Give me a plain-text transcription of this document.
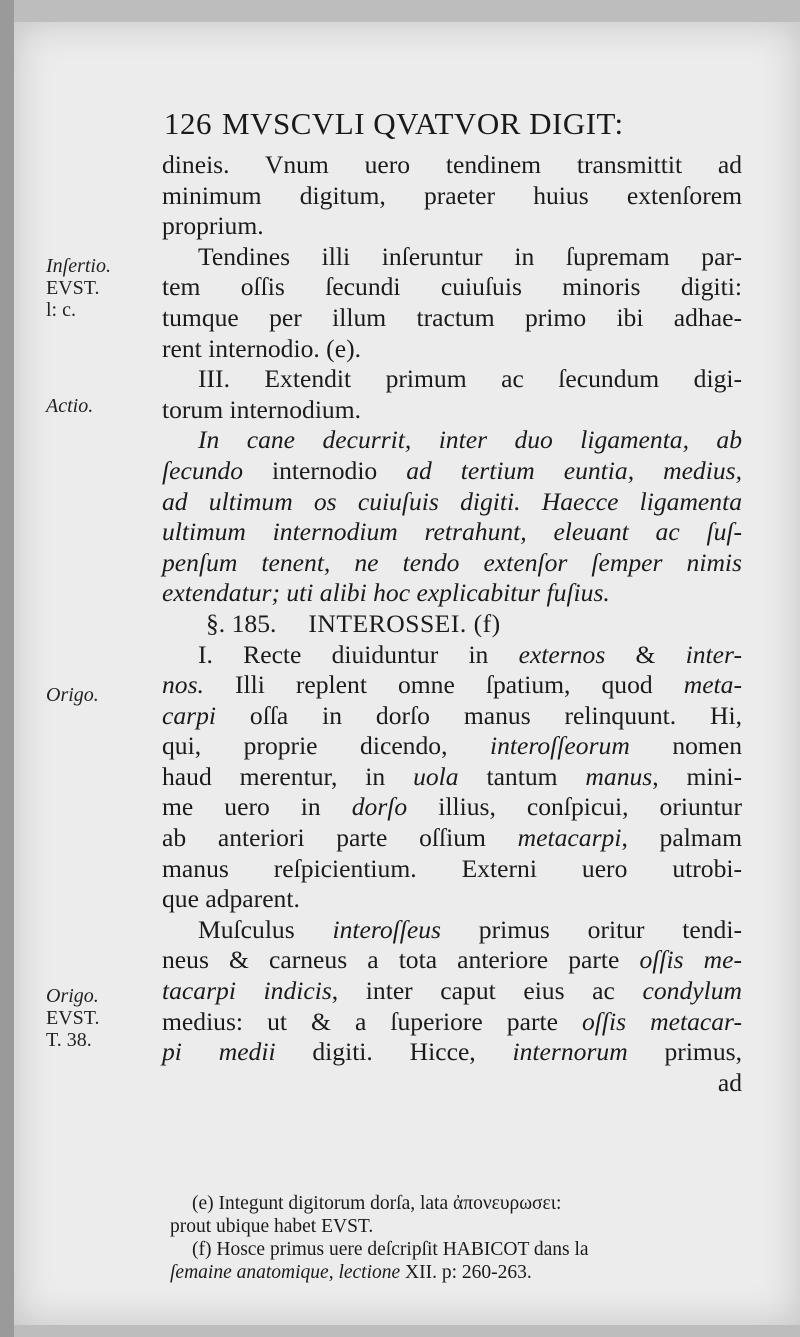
126 MVSCVLI QVATVOR DIGIT:
Inſertio.
EVST.
l: c.
Actio.
Origo.
Origo.
EVST.
T. 38.
dineis. Vnum uero tendinem transmittit ad
minimum digitum, praeter huius extenſorem
proprium.
Tendines illi inſeruntur in ſupremam par-
tem oſſis ſecundi cuiuſuis minoris digiti:
tumque per illum tractum primo ibi adhae-
rent internodio. (e).
III. Extendit primum ac ſecundum digi-
torum internodium.
In cane decurrit, inter duo ligamenta, ab
ſecundo internodio ad tertium euntia, medius,
ad ultimum os cuiuſuis digiti. Haecce ligamenta
ultimum internodium retrahunt, eleuant ac ſuſ-
penſum tenent, ne tendo extenſor ſemper nimis
extendatur; uti alibi hoc explicabitur fuſius.
§. 185. INTEROSSEI. (f)
I. Recte diuiduntur in externos & inter-
nos. Illi replent omne ſpatium, quod meta-
carpi oſſa in dorſo manus relinquunt. Hi,
qui, proprie dicendo, interoſſeorum nomen
haud merentur, in uola tantum manus, mini-
me uero in dorſo illius, conſpicui, oriuntur
ab anteriori parte oſſium metacarpi, palmam
manus reſpicientium. Externi uero utrobi-
que adparent.
Muſculus interoſſeus primus oritur tendi-
neus & carneus a tota anteriore parte oſſis me-
tacarpi indicis, inter caput eius ac condylum
medius: ut & a ſuperiore parte oſſis metacar-
pi medii digiti. Hicce, internorum primus,
ad
(e) Integunt digitorum dorſa, lata ἀπονευρωσει:
prout ubique habet EVST.
(f) Hosce primus uere deſcripſit HABICOT dans la
ſemaine anatomique, lectione XII. p: 260-263.
